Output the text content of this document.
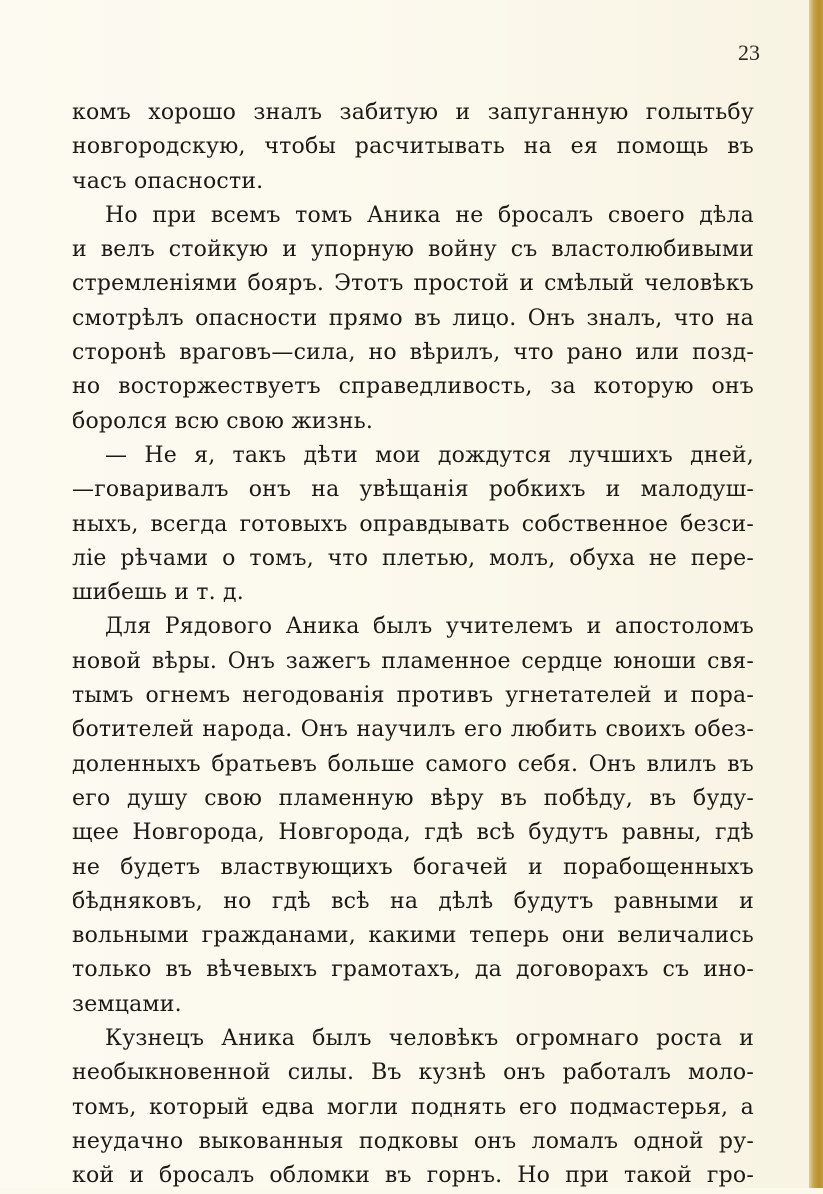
23
комъ хорошо зналъ забитую и запуганную голытьбу
новгородскую, чтобы расчитывать на ея помощь въ
часъ опасности.
Но при всемъ томъ Аника не бросалъ своего дѣла
и велъ стойкую и упорную войну съ властолюбивыми
стремленіями бояръ. Этотъ простой и смѣлый человѣкъ
смотрѣлъ опасности прямо въ лицо. Онъ зналъ, что на
сторонѣ враговъ—сила, но вѣрилъ, что рано или позд-
но восторжествуетъ справедливость, за которую онъ
боролся всю свою жизнь.
— Не я, такъ дѣти мои дождутся лучшихъ дней,
—говаривалъ онъ на увѣщанія робкихъ и малодуш-
ныхъ, всегда готовыхъ оправдывать собственное безси-
ліе рѣчами о томъ, что плетью, молъ, обуха не пере-
шибешь и т. д.
Для Рядового Аника былъ учителемъ и апостоломъ
новой вѣры. Онъ зажегъ пламенное сердце юноши свя-
тымъ огнемъ негодованія противъ угнетателей и пора-
ботителей народа. Онъ научилъ его любить своихъ обез-
доленныхъ братьевъ больше самого себя. Онъ влилъ въ
его душу свою пламенную вѣру въ побѣду, въ буду-
щее Новгорода, Новгорода, гдѣ всѣ будутъ равны, гдѣ
не будетъ властвующихъ богачей и порабощенныхъ
бѣдняковъ, но гдѣ всѣ на дѣлѣ будутъ равными и
вольными гражданами, какими теперь они величались
только въ вѣчевыхъ грамотахъ, да договорахъ съ ино-
земцами.
Кузнецъ Аника былъ человѣкъ огромнаго роста и
необыкновенной силы. Въ кузнѣ онъ работалъ моло-
томъ, который едва могли поднять его подмастерья, а
неудачно выкованныя подковы онъ ломалъ одной ру-
кой и бросалъ обломки въ горнъ. Но при такой гро-
